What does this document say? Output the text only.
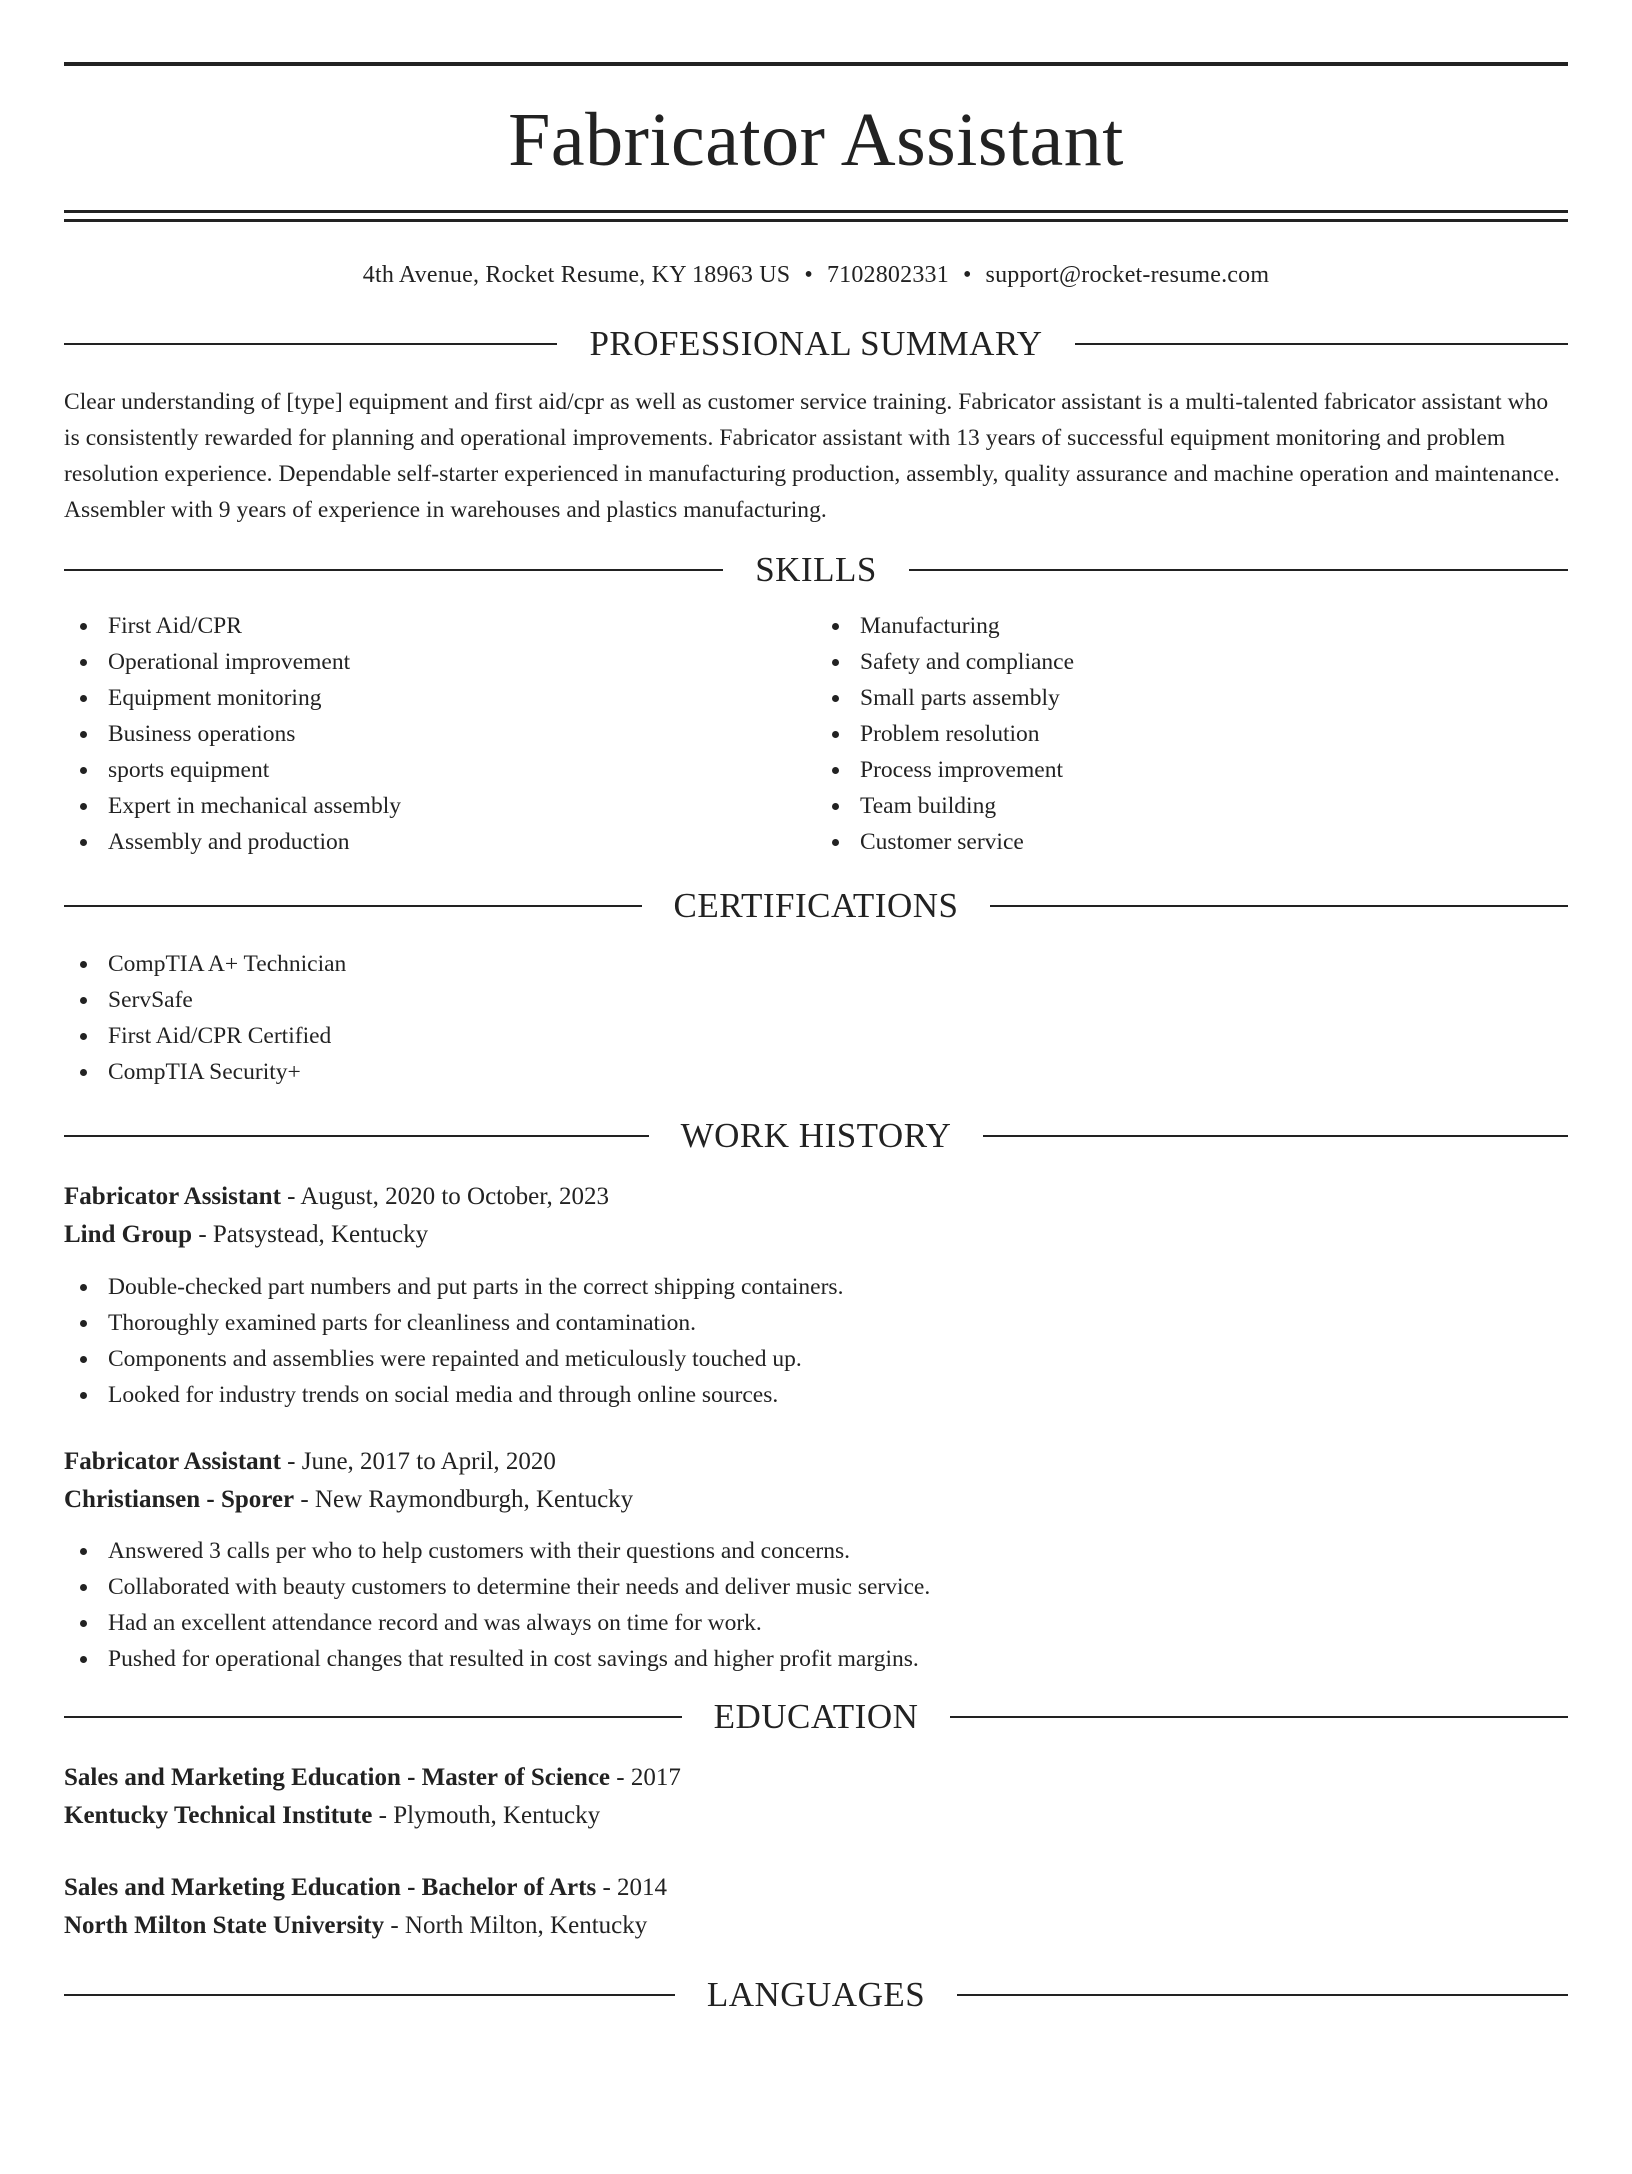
Fabricator Assistant
4th Avenue, Rocket Resume, KY 18963 US • 7102802331 • support@rocket-resume.com
PROFESSIONAL SUMMARY

Clear understanding of [type] equipment and first aid/cpr as well as customer service training. Fabricator assistant is a multi-talented fabricator assistant who is consistently rewarded for planning and operational improvements. Fabricator assistant with 13 years of successful equipment monitoring and problem resolution experience. Dependable self-starter experienced in manufacturing production, assembly, quality assurance and machine operation and maintenance. Assembler with 9 years of experience in warehouses and plastics manufacturing.

SKILLS
First Aid/CPR
Operational improvement
Equipment monitoring
Business operations
sports equipment
Expert in mechanical assembly
Assembly and production
Manufacturing
Safety and compliance
Small parts assembly
Problem resolution
Process improvement
Team building
Customer service
CERTIFICATIONS
CompTIA A+ Technician
ServSafe
First Aid/CPR Certified
CompTIA Security+
WORK HISTORY
Fabricator Assistant - August, 2020 to October, 2023
Lind Group - Patsystead, Kentucky
Double-checked part numbers and put parts in the correct shipping containers.
Thoroughly examined parts for cleanliness and contamination.
Components and assemblies were repainted and meticulously touched up.
Looked for industry trends on social media and through online sources.
Fabricator Assistant - June, 2017 to April, 2020
Christiansen - Sporer - New Raymondburgh, Kentucky
Answered 3 calls per who to help customers with their questions and concerns.
Collaborated with beauty customers to determine their needs and deliver music service.
Had an excellent attendance record and was always on time for work.
Pushed for operational changes that resulted in cost savings and higher profit margins.
EDUCATION
Sales and Marketing Education - Master of Science - 2017
Kentucky Technical Institute - Plymouth, Kentucky
Sales and Marketing Education - Bachelor of Arts - 2014
North Milton State University - North Milton, Kentucky
LANGUAGES
